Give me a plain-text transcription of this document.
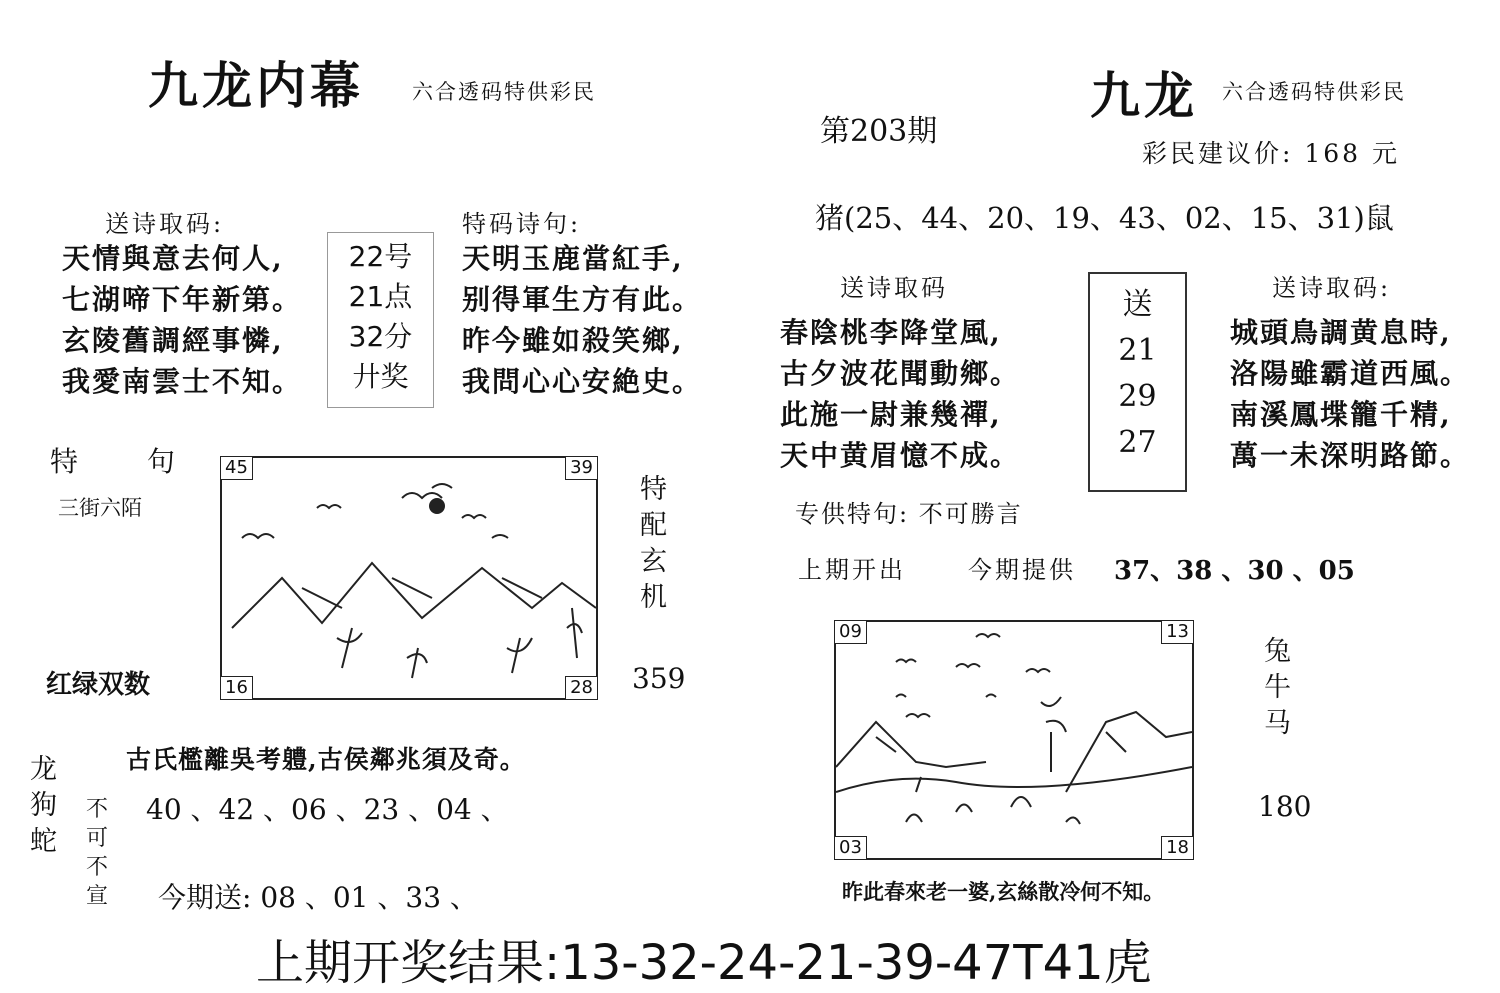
九龙内幕 六合透码特供彩民
送诗取码:
天情與意去何人,
七湖啼下年新第。
玄陵舊調經事憐,
我愛南雲士不知。
22号
21点
32分
廾奖
特码诗句:
天明玉鹿當紅手,
别得軍生方有此。
昨今雖如殺笑鄉,
我問心心安絶史。
特 句
三街六陌
红绿双数
45	39
16	28
特
配
玄
机
359
古氏檻離吳考軆,古侯鄰兆須及奇。
龙
狗
蛇
不
可
不
宣
40 、42 、06 、23 、04 、
今期送: 08 、01 、33 、
九龙 六合透码特供彩民
第203期
彩民建议价: 168 元
猪(25、44、20、19、43、02、15、31)鼠
送诗取码
春陰桃李降堂風,
古夕波花聞動鄉。
此施一尉兼幾禪,
天中黄眉憶不成。
送
21
29
27
送诗取码:
城頭鳥調黄息時,
洛陽雖霸道西風。
南溪鳳堞籠千精,
萬一未深明路節。
专供特句: 不可勝言
上期开出	今期提供 37、38 、30 、05
09	13
03	18
兔
牛
马
180
昨此春來老一婆,玄絲散冷何不知。
上期开奖结果:13-32-24-21-39-47T41虎
